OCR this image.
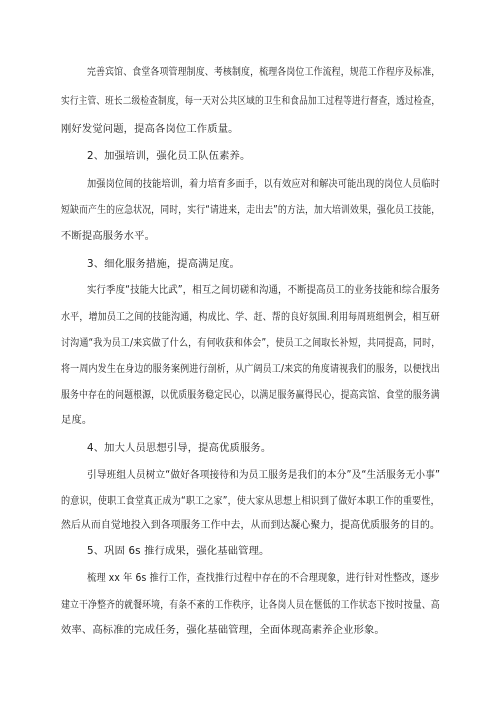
完善宾馆、食堂各项管理制度、考核制度，梳理各岗位工作流程，规范工作程序及标准，
实行主管、班长二级检查制度，每一天对公共区域的卫生和食品加工过程等进行督查，透过检查，
刚好发觉问题，提高各岗位工作质量。
2、加强培训，强化员工队伍素养。
加强岗位间的技能培训，着力培育多面手，以有效应对和解决可能出现的岗位人员临时
短缺而产生的应急状况，同时，实行“请进来，走出去”的方法，加大培训效果，强化员工技能，
不断提高服务水平。
3、细化服务措施，提高满足度。
实行季度“技能大比武”，相互之间切磋和沟通，不断提高员工的业务技能和综合服务
水平，增加员工之间的技能沟通，构成比、学、赶、帮的良好氛围.利用每周班组例会，相互研
讨沟通“我为员工/来宾做了什么，有何收获和体会”，使员工之间取长补短，共同提高，同时，
将一周内发生在身边的服务案例进行剖析，从广阔员工/来宾的角度请视我们的服务，以便找出
服务中存在的问题根源，以优质服务稳定民心，以满足服务赢得民心，提高宾馆、食堂的服务满
足度。
4、加大人员思想引导，提高优质服务。
引导班组人员树立“做好各项接待和为员工服务是我们的本分”及“生活服务无小事”
的意识，使职工食堂真正成为“职工之家”，使大家从思想上相识到了做好本职工作的重要性，
然后从而自觉地投入到各项服务工作中去，从而到达凝心聚力，提高优质服务的目的。
5、巩固 6s 推行成果，强化基础管理。
梳理 xx 年 6s 推行工作，查找推行过程中存在的不合理现象，进行针对性整改，逐步
建立干净整齐的就餐环境，有条不紊的工作秩序，让各岗人员在惬低的工作状态下按时按量、高
效率、高标准的完成任务，强化基础管理，全面体现高素养企业形象。
